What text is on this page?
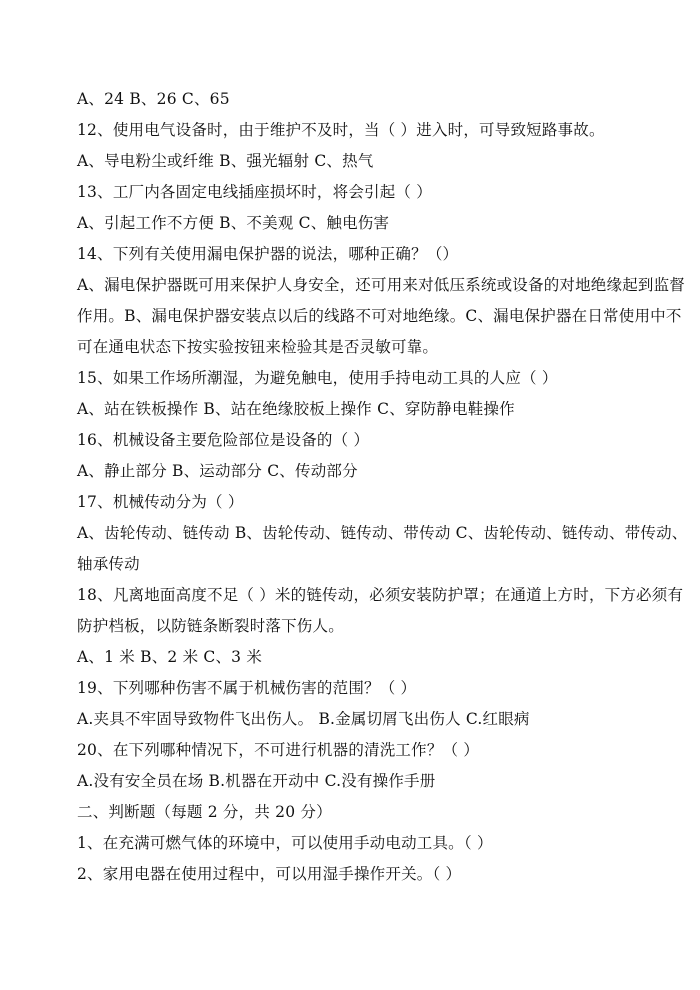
A、24 B、26 C、65
12、使用电气设备时，由于维护不及时，当（ ）进入时，可导致短路事故。
A、导电粉尘或纤维 B、强光辐射 C、热气
13、工厂内各固定电线插座损坏时，将会引起（ ）
A、引起工作不方便 B、不美观 C、触电伤害
14、下列有关使用漏电保护器的说法，哪种正确？（）
A、漏电保护器既可用来保护人身安全，还可用来对低压系统或设备的对地绝缘起到监督
作用。B、漏电保护器安装点以后的线路不可对地绝缘。C、漏电保护器在日常使用中不
可在通电状态下按实验按钮来检验其是否灵敏可靠。
15、如果工作场所潮湿，为避免触电，使用手持电动工具的人应（ ）
A、站在铁板操作 B、站在绝缘胶板上操作 C、穿防静电鞋操作
16、机械设备主要危险部位是设备的（ ）
A、静止部分 B、运动部分 C、传动部分
17、机械传动分为（ ）
A、齿轮传动、链传动 B、齿轮传动、链传动、带传动 C、齿轮传动、链传动、带传动、
轴承传动
18、凡离地面高度不足（ ）米的链传动，必须安装防护罩；在通道上方时，下方必须有
防护档板，以防链条断裂时落下伤人。
A、1 米 B、2 米 C、3 米
19、下列哪种伤害不属于机械伤害的范围？（ ）
A.夹具不牢固导致物件飞出伤人。 B.金属切屑飞出伤人 C.红眼病
20、在下列哪种情况下，不可进行机器的清洗工作？（ ）
A.没有安全员在场 B.机器在开动中 C.没有操作手册
二、判断题（每题 2 分，共 20 分）
1、在充满可燃气体的环境中，可以使用手动电动工具。（ ）
2、家用电器在使用过程中，可以用湿手操作开关。（ ）
